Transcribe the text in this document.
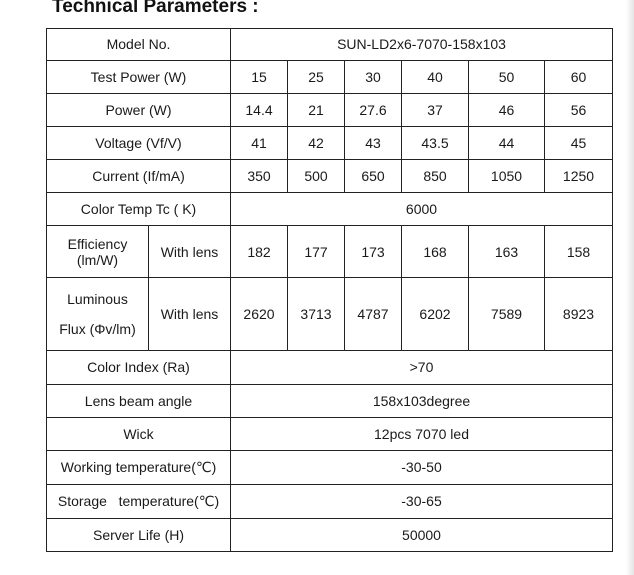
Technical Parameters :
Model No.		SUN-LD2x6-7070-158x103					
Test Power (W)		15	25	30	40	50	60
Power (W)		14.4	21	27.6	37	46	56
Voltage (Vf/V)		41	42	43	43.5	44	45
Current (If/mA)		350	500	650	850	1050	1250
Color Temp Tc ( K)		6000					
Efficiency
(lm/W)	With lens	182	177	173	168	163	158

Luminous
Flux (Φv/lm)	With lens	2620	3713	4787	6202	7589	8923
Color Index (Ra)		>70					
Lens beam angle		158x103degree					
Wick		12pcs 7070 led					
Working temperature(℃)		-30-50					
Storage   temperature(℃)		-30-65					
Server Life (H)		50000					
